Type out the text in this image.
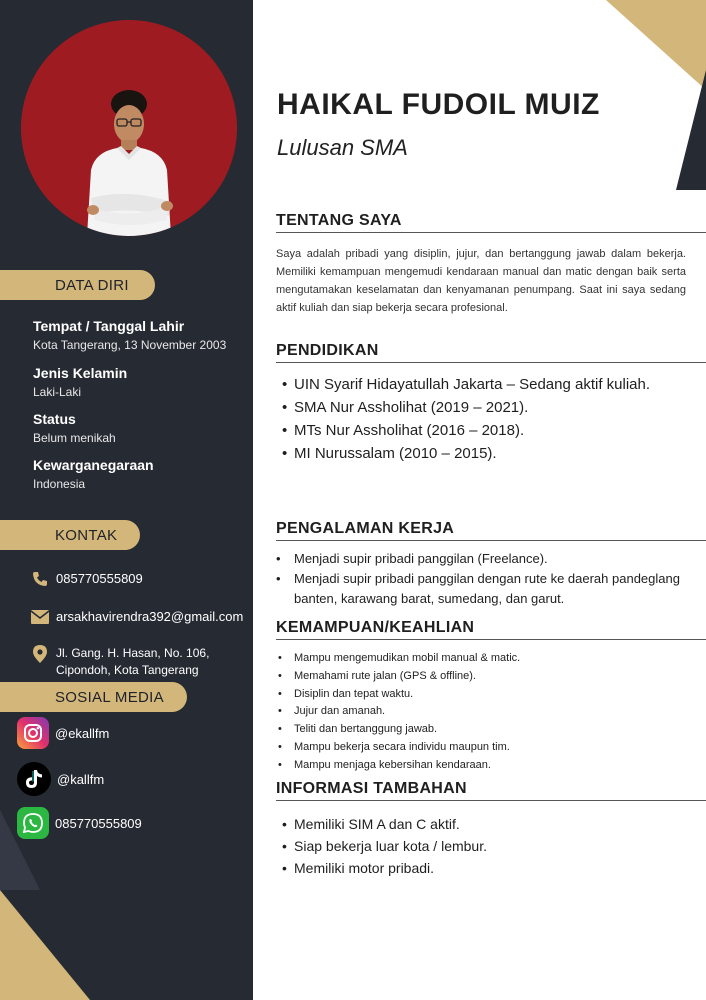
DATA DIRI
Tempat / Tanggal Lahir
Kota Tangerang, 13 November 2003
Jenis Kelamin
Laki-Laki
Status
Belum menikah
Kewarganegaraan
Indonesia
KONTAK
085770555809
arsakhavirendra392@gmail.com
Jl. Gang. H. Hasan, No. 106,
Cipondoh, Kota Tangerang
SOSIAL MEDIA
@ekallfm
@kallfm
085770555809
HAIKAL FUDOIL MUIZ
Lulusan SMA
TENTANG SAYA

Saya adalah pribadi yang disiplin, jujur, dan bertanggung jawab dalam bekerja. Memiliki kemampuan mengemudi kendaraan manual dan matic dengan baik serta mengutamakan keselamatan dan kenyamanan penumpang. Saat ini saya sedang aktif kuliah dan siap bekerja secara profesional.

PENDIDIKAN
• UIN Syarif Hidayatullah Jakarta – Sedang aktif kuliah.
• SMA Nur Assholihat (2019 – 2021).
• MTs Nur Assholihat (2016 – 2018).
• MI Nurussalam (2010 – 2015).
PENGALAMAN KERJA
• Menjadi supir pribadi panggilan (Freelance).
• Menjadi supir pribadi panggilan dengan rute ke daerah pandeglang banten, karawang barat, sumedang, dan garut.
KEMAMPUAN/KEAHLIAN
• Mampu mengemudikan mobil manual & matic.
• Memahami rute jalan (GPS & offline).
• Disiplin dan tepat waktu.
• Jujur dan amanah.
• Teliti dan bertanggung jawab.
• Mampu bekerja secara individu maupun tim.
• Mampu menjaga kebersihan kendaraan.
INFORMASI TAMBAHAN
• Memiliki SIM A dan C aktif.
• Siap bekerja luar kota / lembur.
• Memiliki motor pribadi.
